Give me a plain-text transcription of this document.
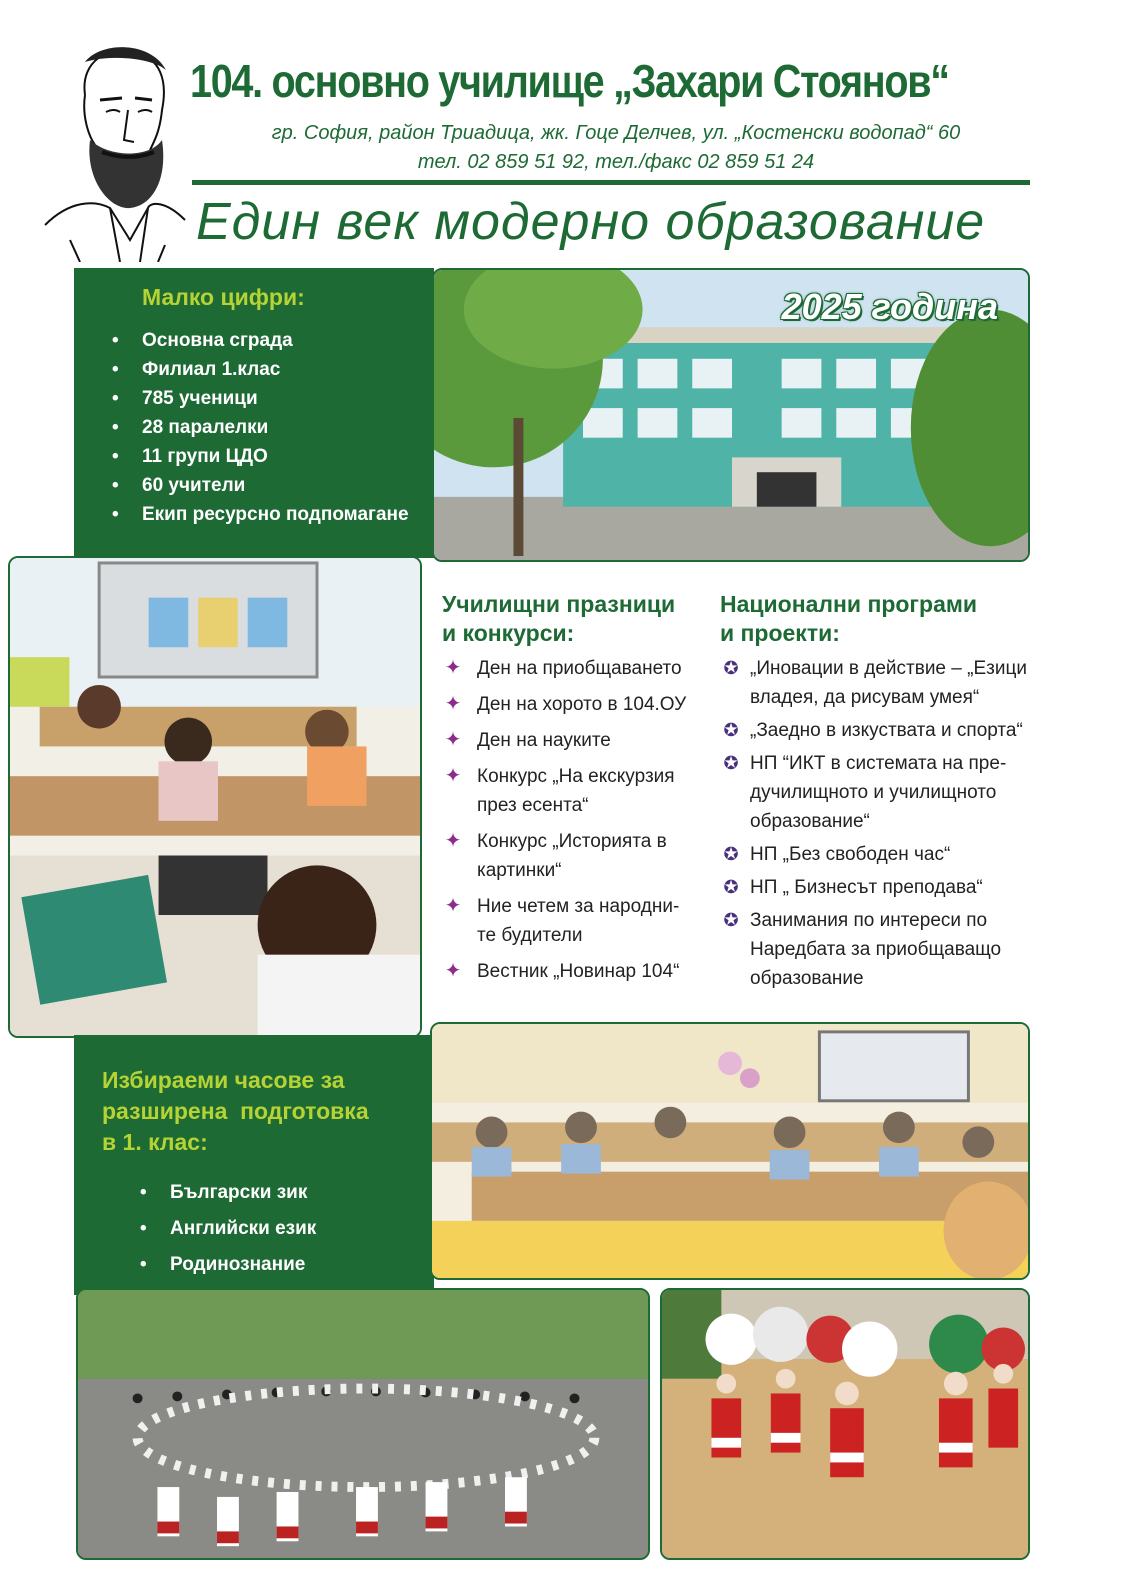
104. основно училище „Захари Стоянов“
гр. София, район Триадица, жк. Гоце Делчев, ул. „Костенски водопад“ 60
тел. 02 859 51 92, тел./факс 02 859 51 24
Един век модерно образование
Малко цифри:
• Основна сграда
• Филиал 1.клас
• 785 ученици
• 28 паралелки
• 11 групи ЦДО
• 60 учители
• Екип ресурсно подпомагане
2025 година
Училищни празници
и конкурси:
✦ Ден на приобщаването
✦ Ден на хорото в 104.ОУ
✦ Ден на науките
✦ Конкурс „На екскурзия
през есента“
✦ Конкурс „Историята в
картинки“
✦ Ние четем за народни-
те будители
✦ Вестник „Новинар 104“
Национални програми
и проекти:
✪ „Иновации в действие – „Езици
владея, да рисувам умея“
✪ „Заедно в изкуствата и спорта“
✪ НП “ИКТ в системата на пре-
дучилищното и училищното
образование“
✪ НП „Без свободен час“
✪ НП „ Бизнесът преподава“
✪ Занимания по интереси по
Наредбата за приобщаващо
образование
Избираеми часове за
разширена  подготовка
в 1. клас:
• Български зик
• Английски език
• Родинознание
